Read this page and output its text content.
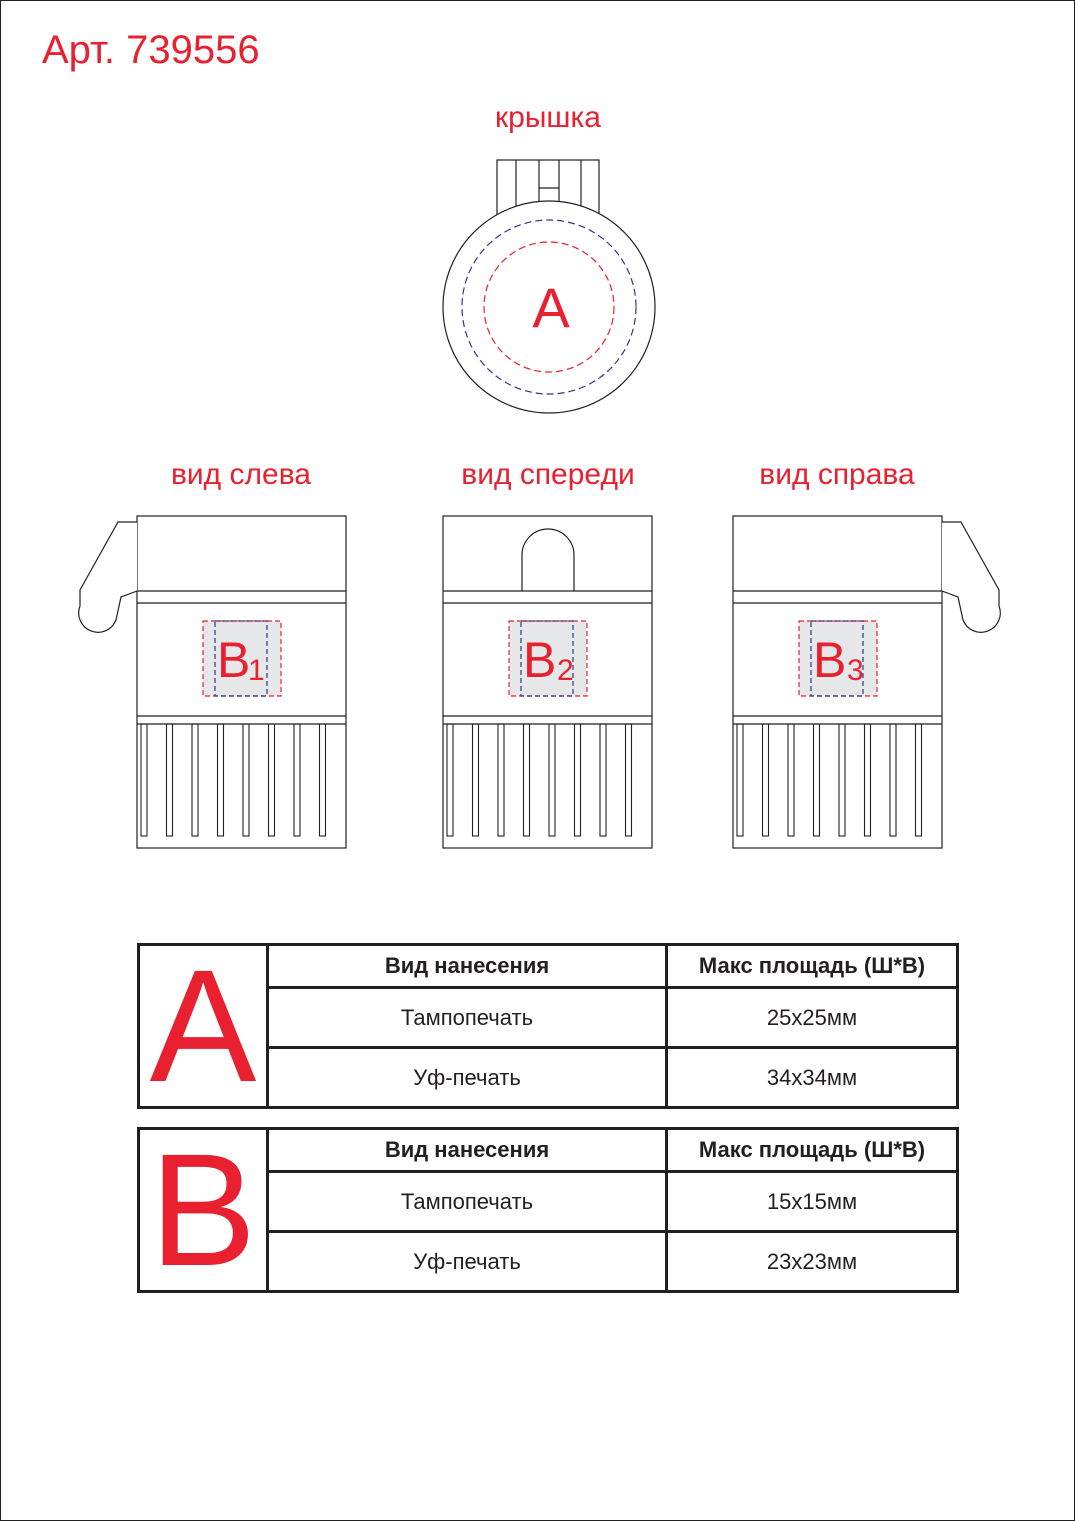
Арт. 739556
крышка
вид слева	вид спереди	вид справа
A
B
1	B 2	B 3
A	Вид нанесения	Макс площадь (Ш*В)
	Тампопечать	25х25мм
	Уф-печать	34х34мм
B	Вид нанесения	Макс площадь (Ш*В)
	Тампопечать	15х15мм
	Уф-печать	23х23мм
